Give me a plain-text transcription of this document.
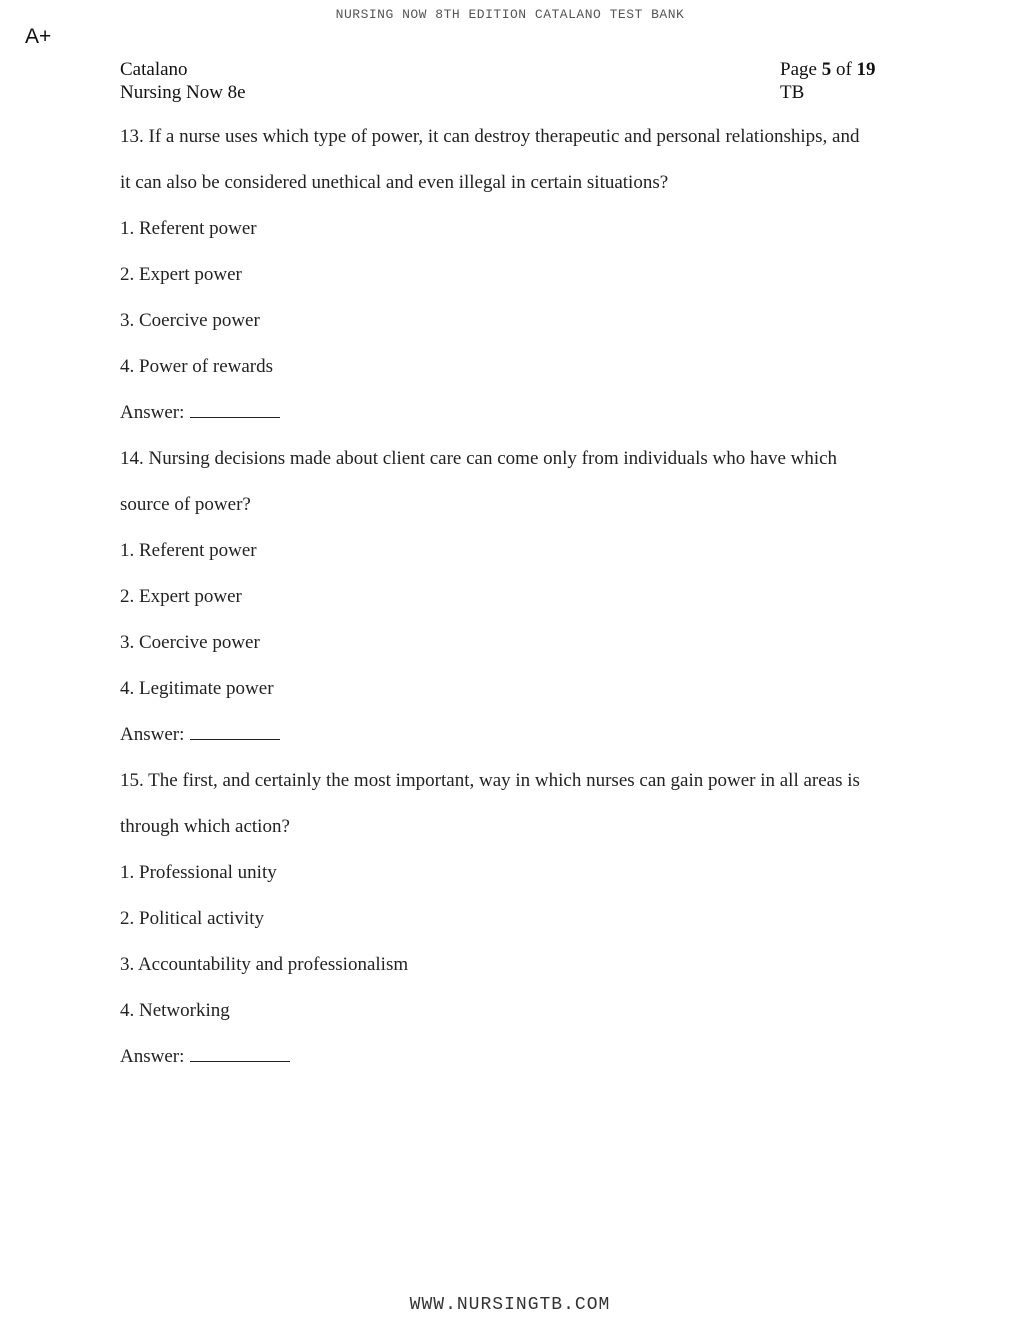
NURSING NOW 8TH EDITION CATALANO TEST BANK
A+
Catalano
Nursing Now 8e
Page 5 of 19
TB
13. If a nurse uses which type of power, it can destroy therapeutic and personal relationships, and
it can also be considered unethical and even illegal in certain situations?
1. Referent power
2. Expert power
3. Coercive power
4. Power of rewards
Answer:
14. Nursing decisions made about client care can come only from individuals who have which
source of power?
1. Referent power
2. Expert power
3. Coercive power
4. Legitimate power
Answer:
15. The first, and certainly the most important, way in which nurses can gain power in all areas is
through which action?
1. Professional unity
2. Political activity
3. Accountability and professionalism
4. Networking
Answer:
WWW.NURSINGTB.COM
